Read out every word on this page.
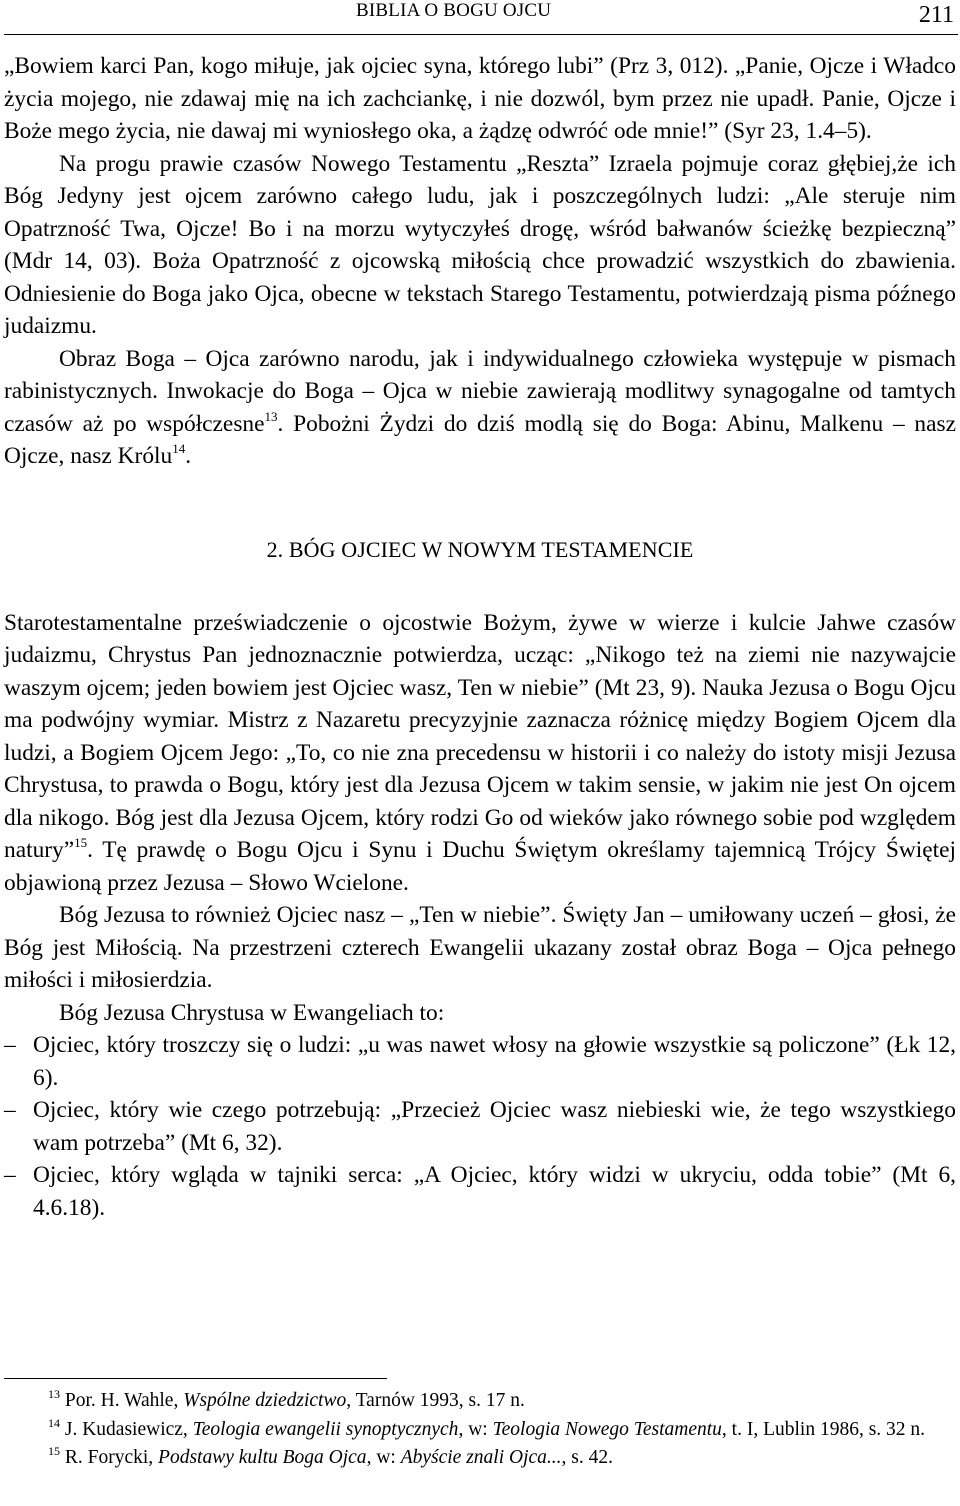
BIBLIA O BOGU OJCU	211

„Bowiem karci Pan, kogo miłuje, jak ojciec syna, którego lubi” (Prz 3, 012). „Panie, Ojcze i Władco życia mojego, nie zdawaj mię na ich zachciankę, i nie dozwól, bym przez nie upadł. Panie, Ojcze i Boże mego życia, nie dawaj mi wyniosłego oka, a żądzę odwróć ode mnie!” (Syr 23, 1.4–5).

Na progu prawie czasów Nowego Testamentu „Reszta” Izraela pojmuje coraz głębiej,że ich Bóg Jedyny jest ojcem zarówno całego ludu, jak i poszczególnych ludzi: „Ale steruje nim Opatrzność Twa, Ojcze! Bo i na morzu wytyczyłeś drogę, wśród bałwanów ścieżkę bezpieczną” (Mdr 14, 03). Boża Opatrzność z ojcowską miłością chce prowadzić wszystkich do zbawienia. Odniesienie do Boga jako Ojca, obecne w tekstach Starego Testamentu, potwierdzają pisma późnego judaizmu.

Obraz Boga – Ojca zarówno narodu, jak i indywidualnego człowieka występuje w pismach rabinistycznych. Inwokacje do Boga – Ojca w niebie zawierają modlitwy synagogalne od tamtych czasów aż po współczesne$^{13}$. Pobożni Żydzi do dziś modlą się do Boga: Abinu, Malkenu – nasz Ojcze, nasz Królu$^{14}$.

2. BÓG OJCIEC W NOWYM TESTAMENCIE

Starotestamentalne przeświadczenie o ojcostwie Bożym, żywe w wierze i kulcie Jahwe czasów judaizmu, Chrystus Pan jednoznacznie potwierdza, ucząc: „Nikogo też na ziemi nie nazywajcie waszym ojcem; jeden bowiem jest Ojciec wasz, Ten w niebie” (Mt 23, 9). Nauka Jezusa o Bogu Ojcu ma podwójny wymiar. Mistrz z Nazaretu precyzyjnie zaznacza różnicę między Bogiem Ojcem dla ludzi, a Bogiem Ojcem Jego: „To, co nie zna precedensu w historii i co należy do istoty misji Jezusa Chrystusa, to prawda o Bogu, który jest dla Jezusa Ojcem w takim sensie, w jakim nie jest On ojcem dla nikogo. Bóg jest dla Jezusa Ojcem, który rodzi Go od wieków jako równego sobie pod względem natury”$^{15}$. Tę prawdę o Bogu Ojcu i Synu i Duchu Świętym określamy tajemnicą Trójcy Świętej objawioną przez Jezusa – Słowo Wcielone.

Bóg Jezusa to również Ojciec nasz – „Ten w niebie”. Święty Jan – umiłowany uczeń – głosi, że Bóg jest Miłością. Na przestrzeni czterech Ewangelii ukazany został obraz Boga – Ojca pełnego miłości i miłosierdzia.

Bóg Jezusa Chrystusa w Ewangeliach to:

– Ojciec, który troszczy się o ludzi: „u was nawet włosy na głowie wszystkie są policzone” (Łk 12, 6).
– Ojciec, który wie czego potrzebują: „Przecież Ojciec wasz niebieski wie, że tego wszystkiego wam potrzeba” (Mt 6, 32).
– Ojciec, który wgląda w tajniki serca: „A Ojciec, który widzi w ukryciu, odda tobie” (Mt 6, 4.6.18).

$^{13}$ Por. H. Wahle, Wspólne dziedzictwo, Tarnów 1993, s. 17 n.

$^{14}$ J. Kudasiewicz, Teologia ewangelii synoptycznych, w: Teologia Nowego Testamentu, t. I, Lublin 1986, s. 32 n.

$^{15}$ R. Forycki, Podstawy kultu Boga Ojca, w: Abyście znali Ojca..., s. 42.
